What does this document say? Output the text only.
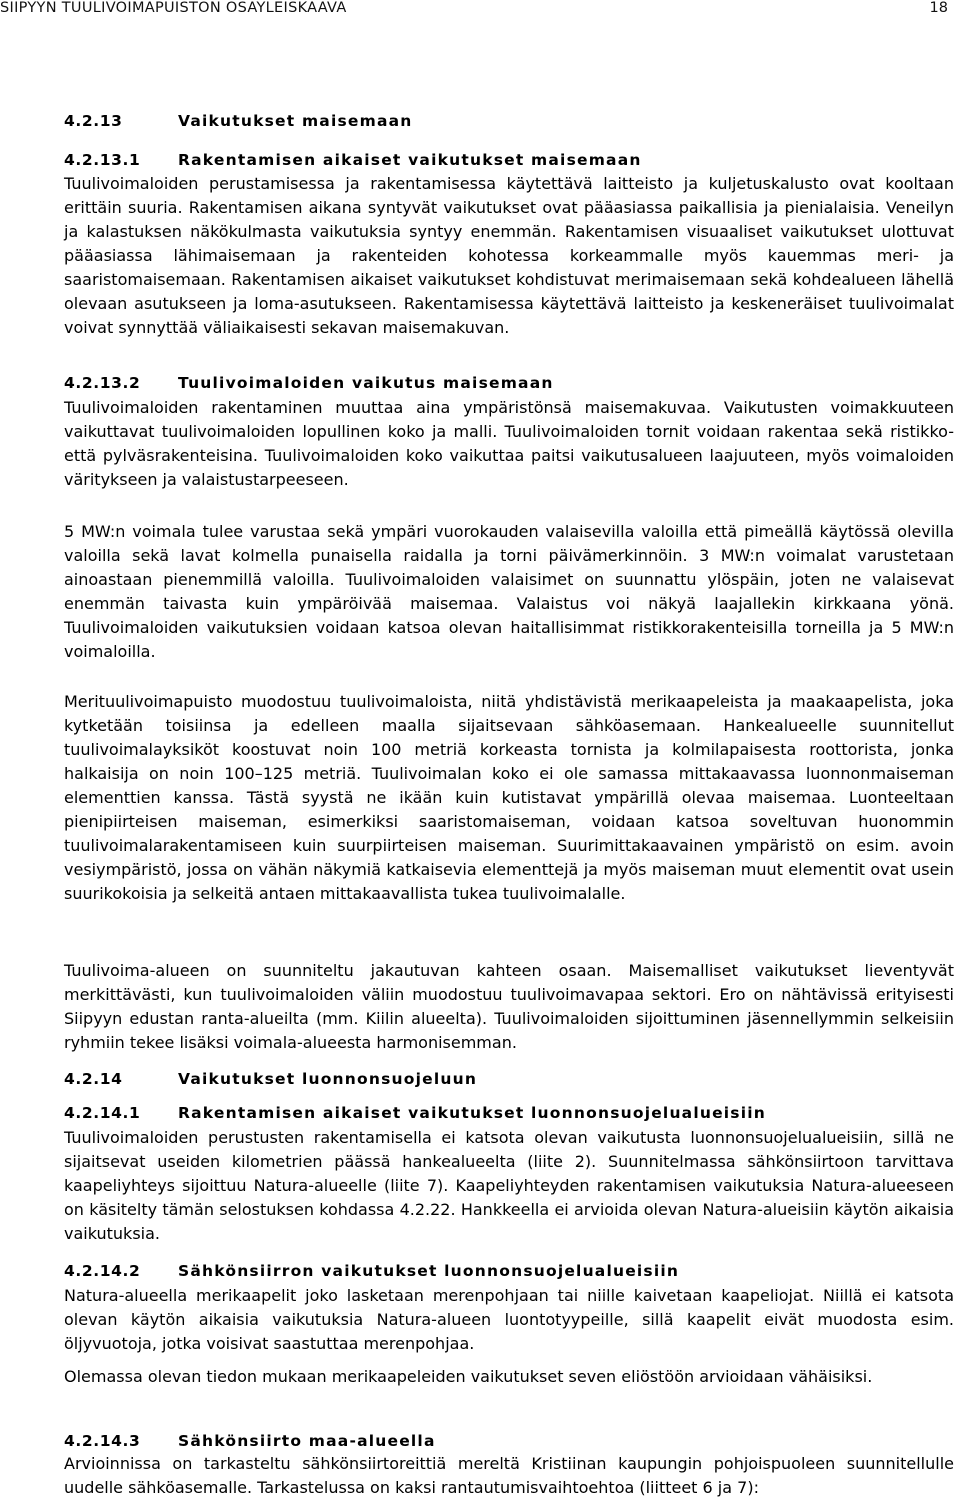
SIIPYYN TUULIVOIMAPUISTON OSAYLEISKAAVA	18
4.2.13	Vaikutukset maisemaan
4.2.13.1 Rakentamisen aikaiset vaikutukset maisemaan
Tuulivoimaloiden perustamisessa ja rakentamisessa käytettävä laitteisto ja kuljetuskalusto ovat kooltaan erittäin suuria. Rakentamisen aikana syntyvät vaikutukset ovat pääasiassa paikallisia ja pienialaisia. Veneilyn ja kalastuksen näkökulmasta vaikutuksia syntyy enemmän. Rakentamisen visuaaliset vaikutukset ulottuvat pääasiassa lähimaisemaan ja rakenteiden kohotessa korkeammalle myös kauemmas meri- ja saaristomaisemaan. Rakentamisen aikaiset vaikutukset kohdistuvat merimaisemaan sekä kohdealueen lähellä olevaan asutukseen ja loma-asutukseen. Rakentamisessa käytettävä laitteisto ja keskeneräiset tuulivoimalat voivat synnyttää väliaikaisesti sekavan maisemakuvan.
4.2.13.2 Tuulivoimaloiden vaikutus maisemaan
Tuulivoimaloiden rakentaminen muuttaa aina ympäristönsä maisemakuvaa. Vaikutusten voimakkuuteen vaikuttavat tuulivoimaloiden lopullinen koko ja malli. Tuulivoimaloiden tornit voidaan rakentaa sekä ristikko- että pylväsrakenteisina. Tuulivoimaloiden koko vaikuttaa paitsi vaikutusalueen laajuuteen, myös voimaloiden väritykseen ja valaistustarpeeseen.
5 MW:n voimala tulee varustaa sekä ympäri vuorokauden valaisevilla valoilla että pimeällä käytössä olevilla valoilla sekä lavat kolmella punaisella raidalla ja torni päivämerkinnöin. 3 MW:n voimalat varustetaan ainoastaan pienemmillä valoilla. Tuulivoimaloiden valaisimet on suunnattu ylöspäin, joten ne valaisevat enemmän taivasta kuin ympäröivää maisemaa. Valaistus voi näkyä laajallekin kirkkaana yönä. Tuulivoimaloiden vaikutuksien voidaan katsoa olevan haitallisimmat ristikkorakenteisilla torneilla ja 5 MW:n voimaloilla.
Merituulivoimapuisto muodostuu tuulivoimaloista, niitä yhdistävistä merikaapeleista ja maakaapelista, joka kytketään toisiinsa ja edelleen maalla sijaitsevaan sähköasemaan. Hankealueelle suunnitellut tuulivoimalayksiköt koostuvat noin 100 metriä korkeasta tornista ja kolmilapaisesta roottorista, jonka halkaisija on noin 100–125 metriä. Tuulivoimalan koko ei ole samassa mittakaavassa luonnonmaiseman elementtien kanssa. Tästä syystä ne ikään kuin kutistavat ympärillä olevaa maisemaa. Luonteeltaan pienipiirteisen maiseman, esimerkiksi saaristomaiseman, voidaan katsoa soveltuvan huonommin tuulivoimalarakentamiseen kuin suurpiirteisen maiseman. Suurimittakaavainen ympäristö on esim. avoin vesiympäristö, jossa on vähän näkymiä katkaisevia elementtejä ja myös maiseman muut elementit ovat usein suurikokoisia ja selkeitä antaen mittakaavallista tukea tuulivoimalalle.
Tuulivoima-alueen on suunniteltu jakautuvan kahteen osaan. Maisemalliset vaikutukset lieventyvät merkittävästi, kun tuulivoimaloiden väliin muodostuu tuulivoimavapaa sektori. Ero on nähtävissä erityisesti Siipyyn edustan ranta-alueilta (mm. Kiilin alueelta). Tuulivoimaloiden sijoittuminen jäsennellymmin selkeisiin ryhmiin tekee lisäksi voimala-alueesta harmonisemman.
4.2.14	Vaikutukset luonnonsuojeluun
4.2.14.1 Rakentamisen aikaiset vaikutukset luonnonsuojelualueisiin
Tuulivoimaloiden perustusten rakentamisella ei katsota olevan vaikutusta luonnonsuojelualueisiin, sillä ne sijaitsevat useiden kilometrien päässä hankealueelta (liite 2). Suunnitelmassa sähkönsiirtoon tarvittava kaapeliyhteys sijoittuu Natura-alueelle (liite 7). Kaapeliyhteyden rakentamisen vaikutuksia Natura-alueeseen on käsitelty tämän selostuksen kohdassa 4.2.22. Hankkeella ei arvioida olevan Natura-alueisiin käytön aikaisia vaikutuksia.
4.2.14.2 Sähkönsiirron vaikutukset luonnonsuojelualueisiin
Natura-alueella merikaapelit joko lasketaan merenpohjaan tai niille kaivetaan kaapeliojat. Niillä ei katsota olevan käytön aikaisia vaikutuksia Natura-alueen luontotyypeille, sillä kaapelit eivät muodosta esim. öljyvuotoja, jotka voisivat saastuttaa merenpohjaa.
Olemassa olevan tiedon mukaan merikaapeleiden vaikutukset seven eliöstöön arvioidaan vähäisiksi.
4.2.14.3 Sähkönsiirto maa-alueella
Arvioinnissa on tarkasteltu sähkönsiirtoreittiä mereltä Kristiinan kaupungin pohjoispuoleen suunnitellulle uudelle sähköasemalle. Tarkastelussa on kaksi rantautumisvaihtoehtoa (liitteet 6 ja 7):
